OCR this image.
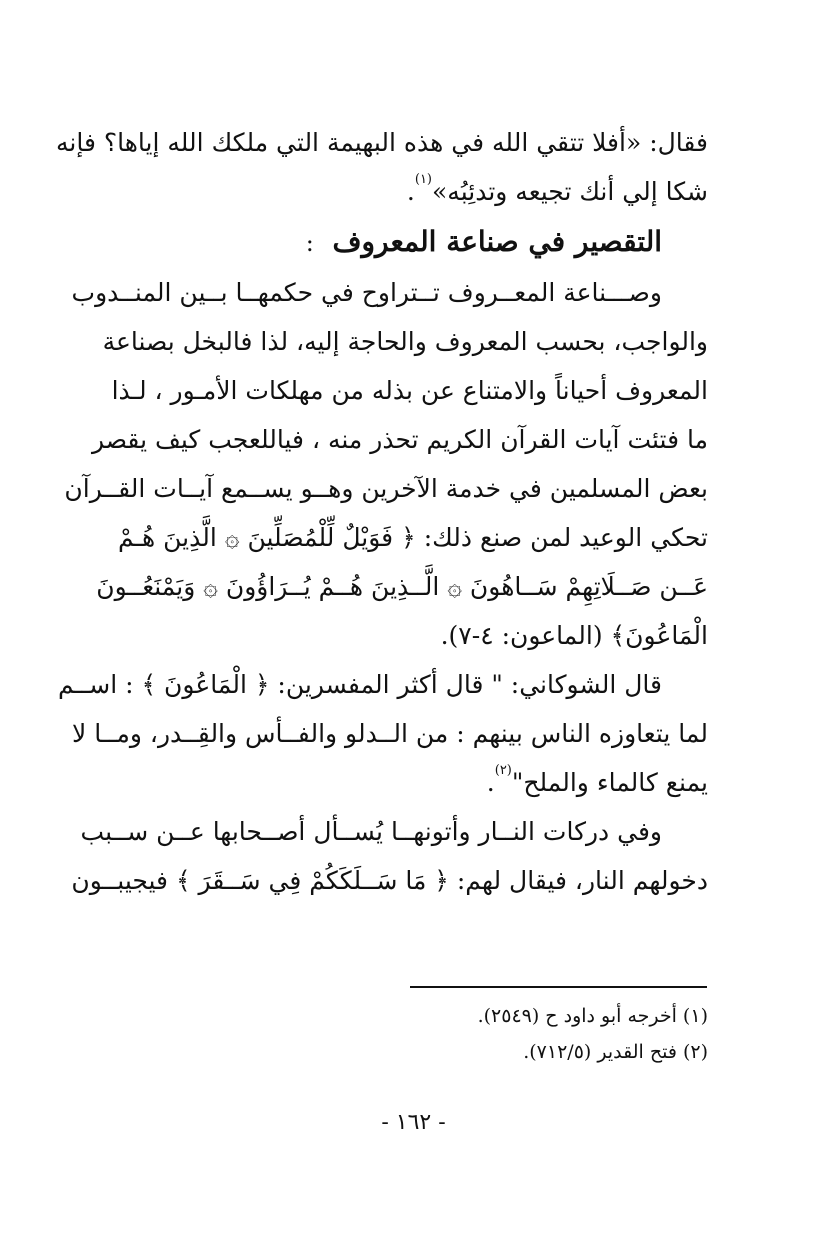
فقال: «أفلا تتقي الله في هذه البهيمة التي ملكك الله إياها؟ فإنه
شكا إلي أنك تجيعه وتدئِبُه»$^{(١)}$.
التقصير في صناعة المعروف :
وصـــناعة المعــروف تــتراوح في حكمهــا بــين المنــدوب
والواجب، بحسب المعروف والحاجة إليه، لذا فالبخل بصناعة
المعروف أحياناً والامتناع عن بذله من مهلكات الأمـور ، لـذا
ما فتئت آيات القرآن الكريم تحذر منه ، فياللعجب كيف يقصر
بعض المسلمين في خدمة الآخرين وهــو يســمع آيــات القــرآن
تحكي الوعيد لمن صنع ذلك: ﴿ فَوَيْلٌ لِّلْمُصَلِّينَ ۞ الَّذِينَ هُـمْ
عَــن صَــلَاتِهِمْ سَــاهُونَ ۞ الَّــذِينَ هُــمْ يُــرَاؤُونَ ۞ وَيَمْنَعُــونَ
الْمَاعُونَ﴾ (الماعون: ٤-٧).
قال الشوكاني: " قال أكثر المفسرين: ﴿ الْمَاعُونَ ﴾ : اســم
لما يتعاوزه الناس بينهم : من الــدلو والفــأس والقِــدر، ومــا لا
يمنع كالماء والملح"$^{(٢)}$.
وفي دركات النــار وأتونهــا يُســأل أصــحابها عــن ســبب
دخولهم النار، فيقال لهم: ﴿ مَا سَــلَكَكُمْ فِي سَــقَرَ ﴾ فيجيبــون
(١) أخرجه أبو داود ح (٢٥٤٩).
(٢) فتح القدير (٧١٢/٥).
- ١٦٢ -
